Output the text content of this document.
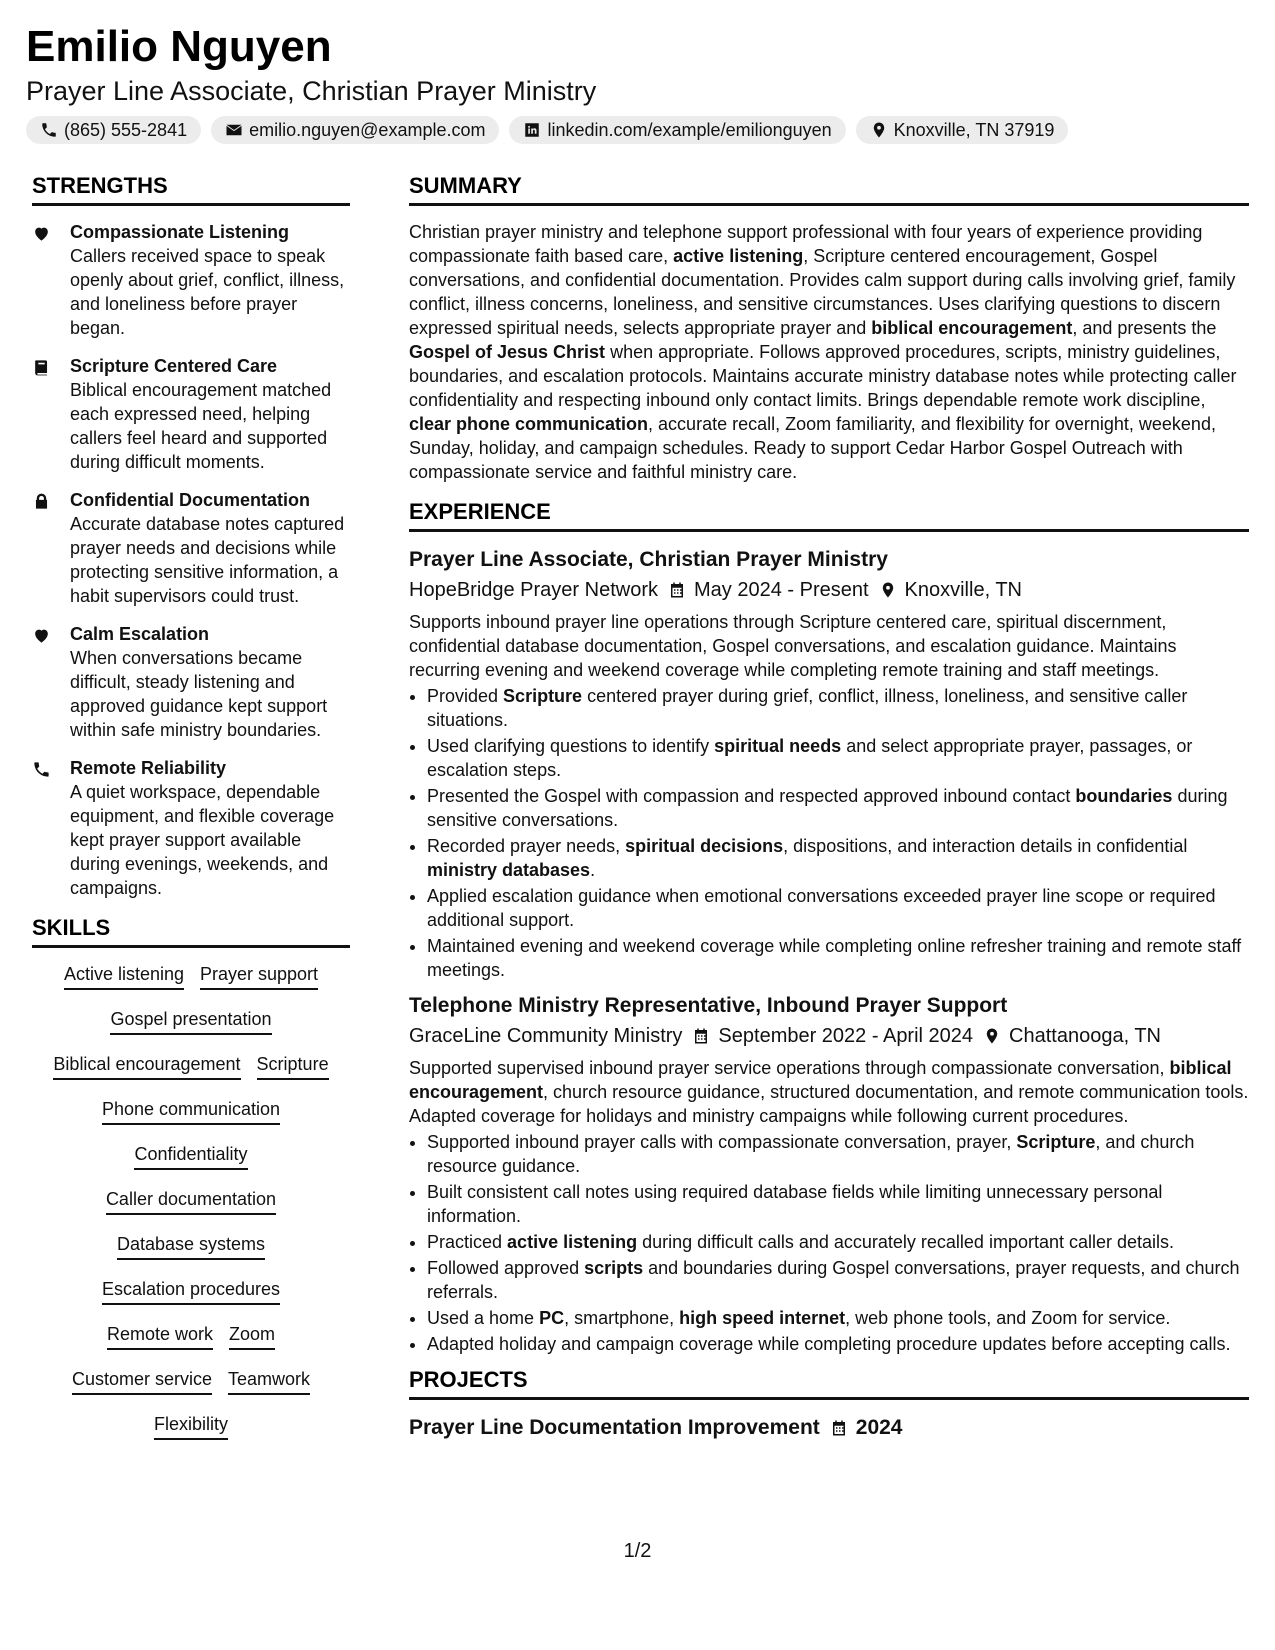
Emilio Nguyen
Prayer Line Associate, Christian Prayer Ministry
(865) 555-2841	emilio.nguyen@example.com	linkedin.com/example/emilionguyen	Knoxville, TN 37919
STRENGTHS
Compassionate Listening
Callers received space to speak openly about grief, conflict, illness, and loneliness before prayer began.
Scripture Centered Care
Biblical encouragement matched each expressed need, helping callers feel heard and supported during difficult moments.
Confidential Documentation
Accurate database notes captured prayer needs and decisions while protecting sensitive information, a habit supervisors could trust.
Calm Escalation
When conversations became difficult, steady listening and approved guidance kept support within safe ministry boundaries.
Remote Reliability
A quiet workspace, dependable equipment, and flexible coverage kept prayer support available during evenings, weekends, and campaigns.
SKILLS
Active listening Prayer support
Gospel presentation
Biblical encouragement Scripture
Phone communication
Confidentiality
Caller documentation
Database systems
Escalation procedures
Remote work Zoom
Customer service Teamwork
Flexibility
SUMMARY

Christian prayer ministry and telephone support professional with four years of experience providing compassionate faith based care, active listening, Scripture centered encouragement, Gospel conversations, and confidential documentation. Provides calm support during calls involving grief, family conflict, illness concerns, loneliness, and sensitive circumstances. Uses clarifying questions to discern expressed spiritual needs, selects appropriate prayer and biblical encouragement, and presents the Gospel of Jesus Christ when appropriate. Follows approved procedures, scripts, ministry guidelines, boundaries, and escalation protocols. Maintains accurate ministry database notes while protecting caller confidentiality and respecting inbound only contact limits. Brings dependable remote work discipline, clear phone communication, accurate recall, Zoom familiarity, and flexibility for overnight, weekend, Sunday, holiday, and campaign schedules. Ready to support Cedar Harbor Gospel Outreach with compassionate service and faithful ministry care.

EXPERIENCE
Prayer Line Associate, Christian Prayer Ministry
HopeBridge Prayer Network May 2024 - Present Knoxville, TN

Supports inbound prayer line operations through Scripture centered care, spiritual discernment, confidential database documentation, Gospel conversations, and escalation guidance. Maintains recurring evening and weekend coverage while completing remote training and staff meetings.

• Provided Scripture centered prayer during grief, conflict, illness, loneliness, and sensitive caller situations.
• Used clarifying questions to identify spiritual needs and select appropriate prayer, passages, or escalation steps.
• Presented the Gospel with compassion and respected approved inbound contact boundaries during sensitive conversations.
• Recorded prayer needs, spiritual decisions, dispositions, and interaction details in confidential ministry databases.
• Applied escalation guidance when emotional conversations exceeded prayer line scope or required additional support.
• Maintained evening and weekend coverage while completing online refresher training and remote staff meetings.
Telephone Ministry Representative, Inbound Prayer Support
GraceLine Community Ministry September 2022 - April 2024 Chattanooga, TN

Supported supervised inbound prayer service operations through compassionate conversation, biblical encouragement, church resource guidance, structured documentation, and remote communication tools. Adapted coverage for holidays and ministry campaigns while following current procedures.

• Supported inbound prayer calls with compassionate conversation, prayer, Scripture, and church resource guidance.
• Built consistent call notes using required database fields while limiting unnecessary personal information.
• Practiced active listening during difficult calls and accurately recalled important caller details.
• Followed approved scripts and boundaries during Gospel conversations, prayer requests, and church referrals.
• Used a home PC, smartphone, high speed internet, web phone tools, and Zoom for service.
• Adapted holiday and campaign coverage while completing procedure updates before accepting calls.
PROJECTS
Prayer Line Documentation Improvement 2024
1/2
